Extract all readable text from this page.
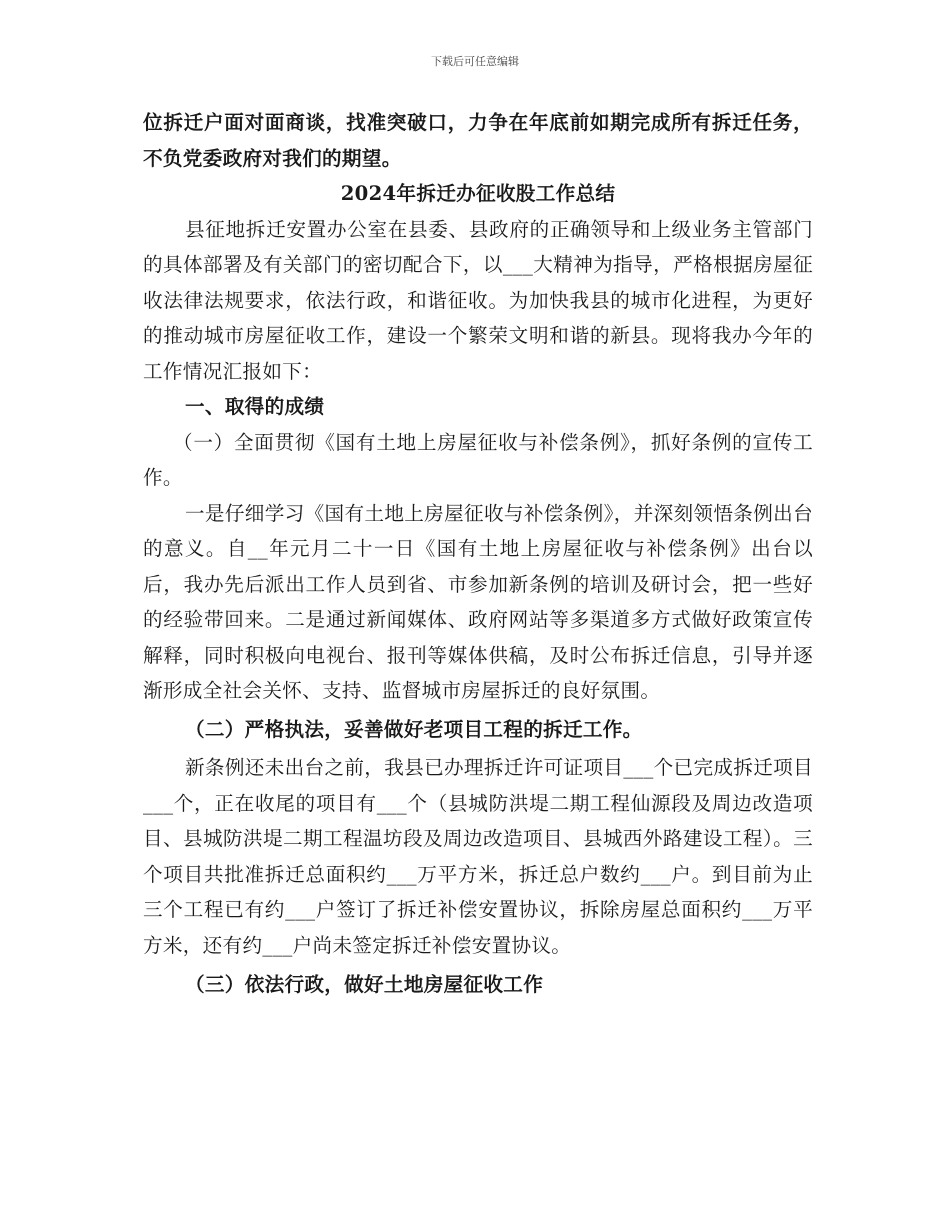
下载后可任意编辑

位拆迁户面对面商谈，找准突破口，力争在年底前如期完成所有拆迁任务，不负党委政府对我们的期望。

2024年拆迁办征收股工作总结

县征地拆迁安置办公室在县委、县政府的正确领导和上级业务主管部门的具体部署及有关部门的密切配合下，以___大精神为指导，严格根据房屋征收法律法规要求，依法行政，和谐征收。为加快我县的城市化进程，为更好的推动城市房屋征收工作，建设一个繁荣文明和谐的新县。现将我办今年的工作情况汇报如下：

一、取得的成绩

（一）全面贯彻《国有土地上房屋征收与补偿条例》，抓好条例的宣传工作。

一是仔细学习《国有土地上房屋征收与补偿条例》，并深刻领悟条例出台的意义。自__年元月二十一日《国有土地上房屋征收与补偿条例》出台以后，我办先后派出工作人员到省、市参加新条例的培训及研讨会，把一些好的经验带回来。二是通过新闻媒体、政府网站等多渠道多方式做好政策宣传解释，同时积极向电视台、报刊等媒体供稿，及时公布拆迁信息，引导并逐渐形成全社会关怀、支持、监督城市房屋拆迁的良好氛围。

（二）严格执法，妥善做好老项目工程的拆迁工作。

新条例还未出台之前，我县已办理拆迁许可证项目___个已完成拆迁项目___个，正在收尾的项目有___个（县城防洪堤二期工程仙源段及周边改造项目、县城防洪堤二期工程温坊段及周边改造项目、县城西外路建设工程）。三个项目共批准拆迁总面积约___万平方米，拆迁总户数约___户。到目前为止三个工程已有约___户签订了拆迁补偿安置协议，拆除房屋总面积约___万平方米，还有约___户尚未签定拆迁补偿安置协议。

（三）依法行政，做好土地房屋征收工作
